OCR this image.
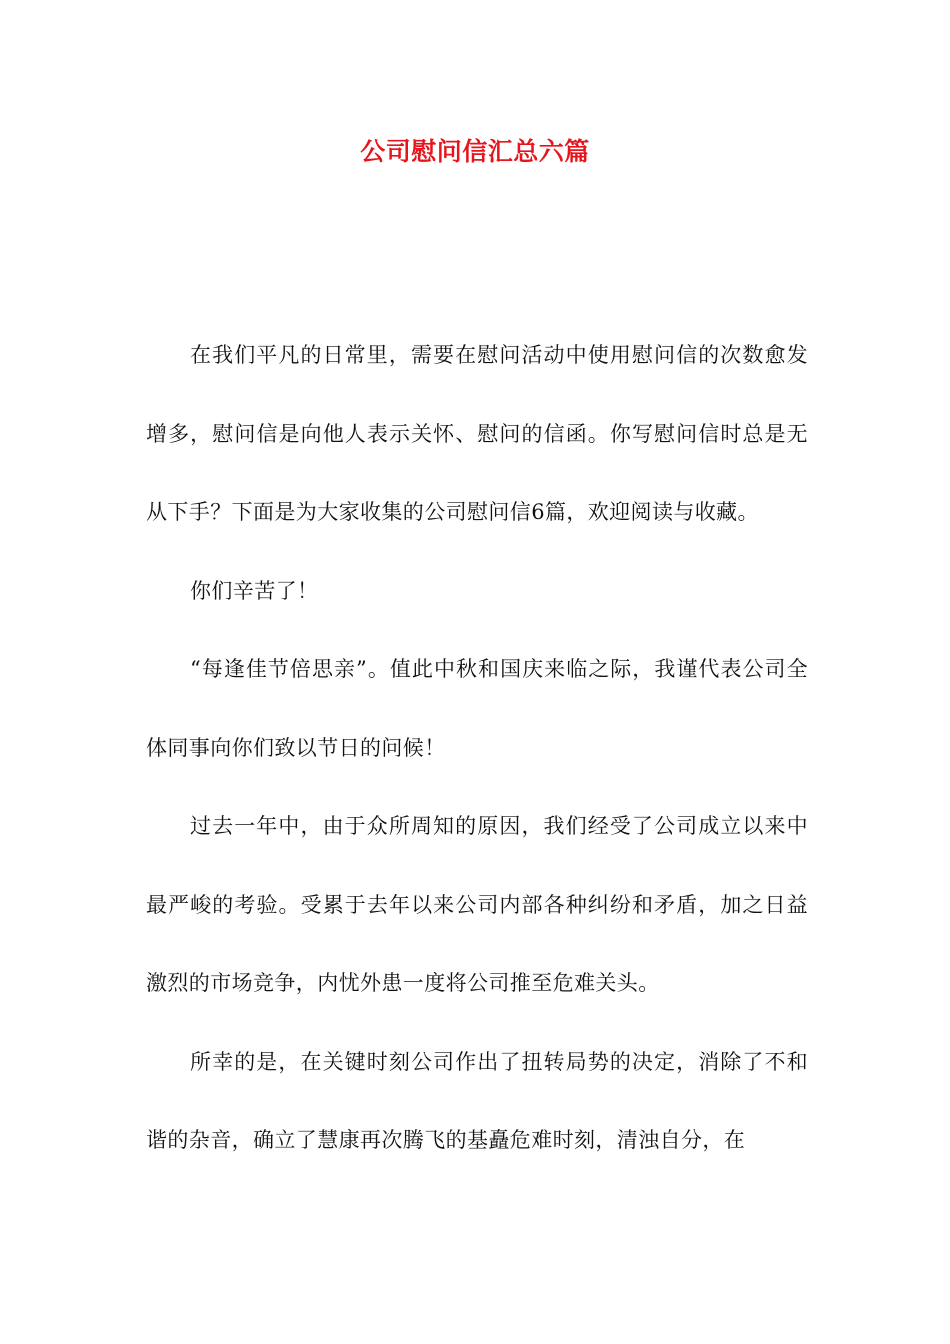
公司慰问信汇总六篇

在我们平凡的日常里，需要在慰问活动中使用慰问信的次数愈发增多，慰问信是向他人表示关怀、慰问的信函。你写慰问信时总是无从下手？下面是为大家收集的公司慰问信6篇，欢迎阅读与收藏。

你们辛苦了！

“每逢佳节倍思亲”。值此中秋和国庆来临之际，我谨代表公司全体同事向你们致以节日的问候！

过去一年中，由于众所周知的原因，我们经受了公司成立以来中最严峻的考验。受累于去年以来公司内部各种纠纷和矛盾，加之日益激烈的市场竞争，内忧外患一度将公司推至危难关头。

所幸的是，在关键时刻公司作出了扭转局势的决定，消除了不和谐的杂音，确立了慧康再次腾飞的基矗危难时刻，清浊自分，在
